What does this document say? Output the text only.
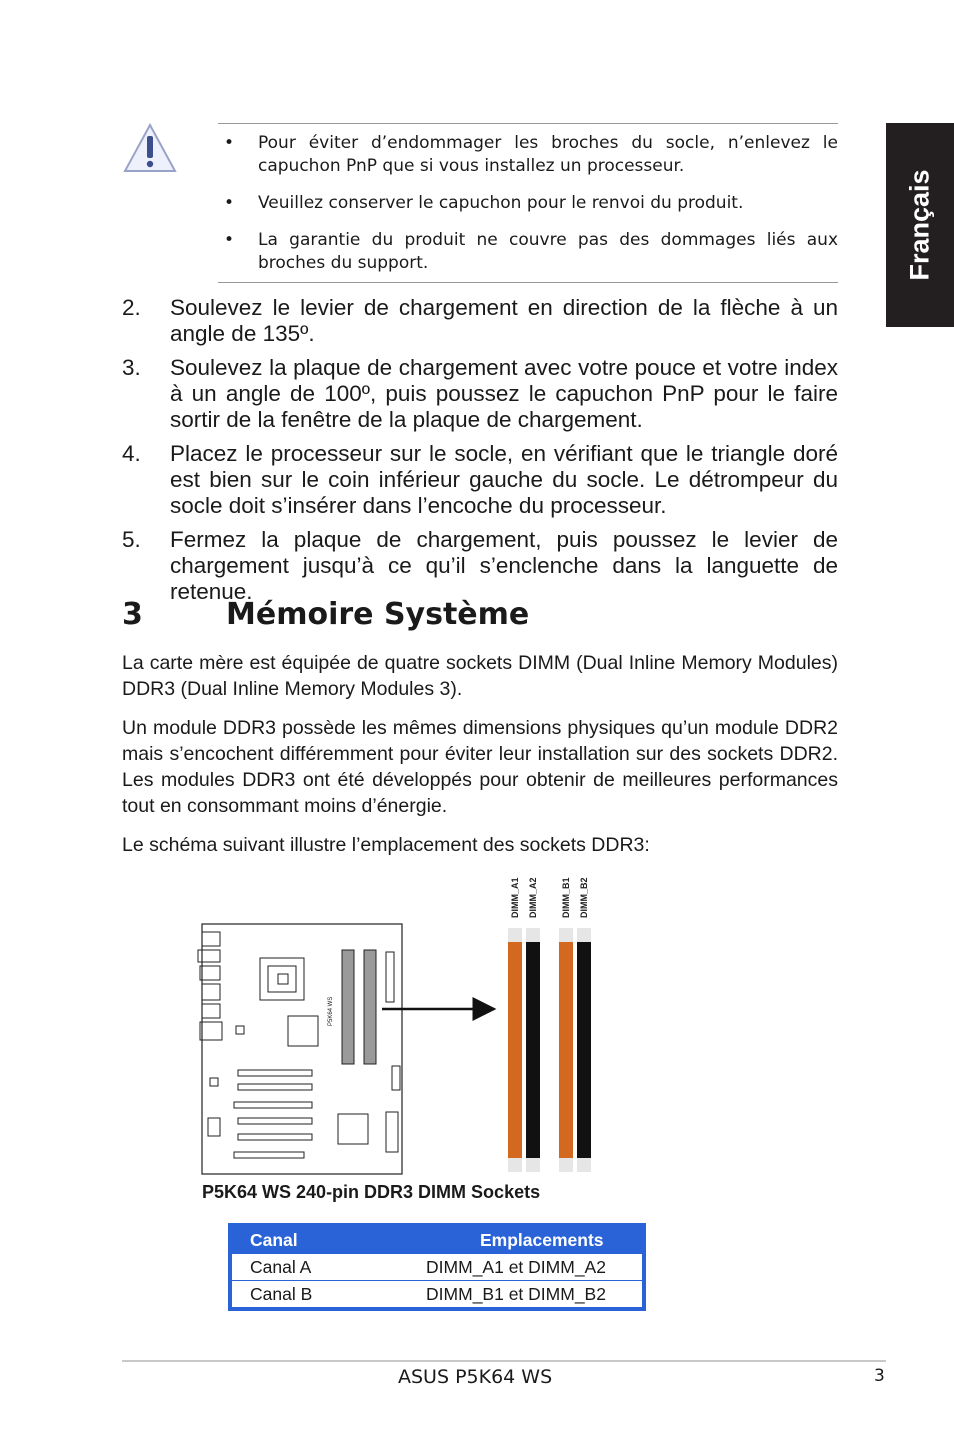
Français
• Pour éviter d’endommager les broches du socle, n’enlevez le capuchon PnP que si vous installez un processeur.
• Veuillez conserver le capuchon pour le renvoi du produit.
• La garantie du produit ne couvre pas des dommages liés aux broches du support.
2. Soulevez le levier de chargement en direction de la flèche à un angle de 135º.
3. Soulevez la plaque de chargement avec votre pouce et votre index à un angle de 100º, puis poussez le capuchon PnP pour le faire sortir de la fenêtre de la plaque de chargement.
4. Placez le processeur sur le socle, en vérifiant que le triangle doré est bien sur le coin inférieur gauche du socle. Le détrompeur du socle doit s’insérer dans l’encoche du processeur.
5. Fermez la plaque de chargement, puis poussez le levier de chargement jusqu’à ce qu’il s’enclenche dans la languette de retenue.
3	Mémoire Système
La carte mère est équipée de quatre sockets DIMM (Dual Inline Memory Modules) DDR3 (Dual Inline Memory Modules 3).
Un module DDR3 possède les mêmes dimensions physiques qu’un module DDR2 mais s’encochent différemment pour éviter leur installation sur des sockets DDR2. Les modules DDR3 ont été développés pour obtenir de meilleures performances tout en consommant moins d’énergie.
Le schéma suivant illustre l’emplacement des sockets DDR3:
P5K64 WS
DIMM_A1 DIMM_A2	DIMM_B1 DIMM_B2
P5K64 WS 240-pin DDR3 DIMM Sockets
Canal	Emplacements
Canal A	DIMM_A1 et DIMM_A2
Canal B	DIMM_B1 et DIMM_B2
ASUS P5K64 WS	3
